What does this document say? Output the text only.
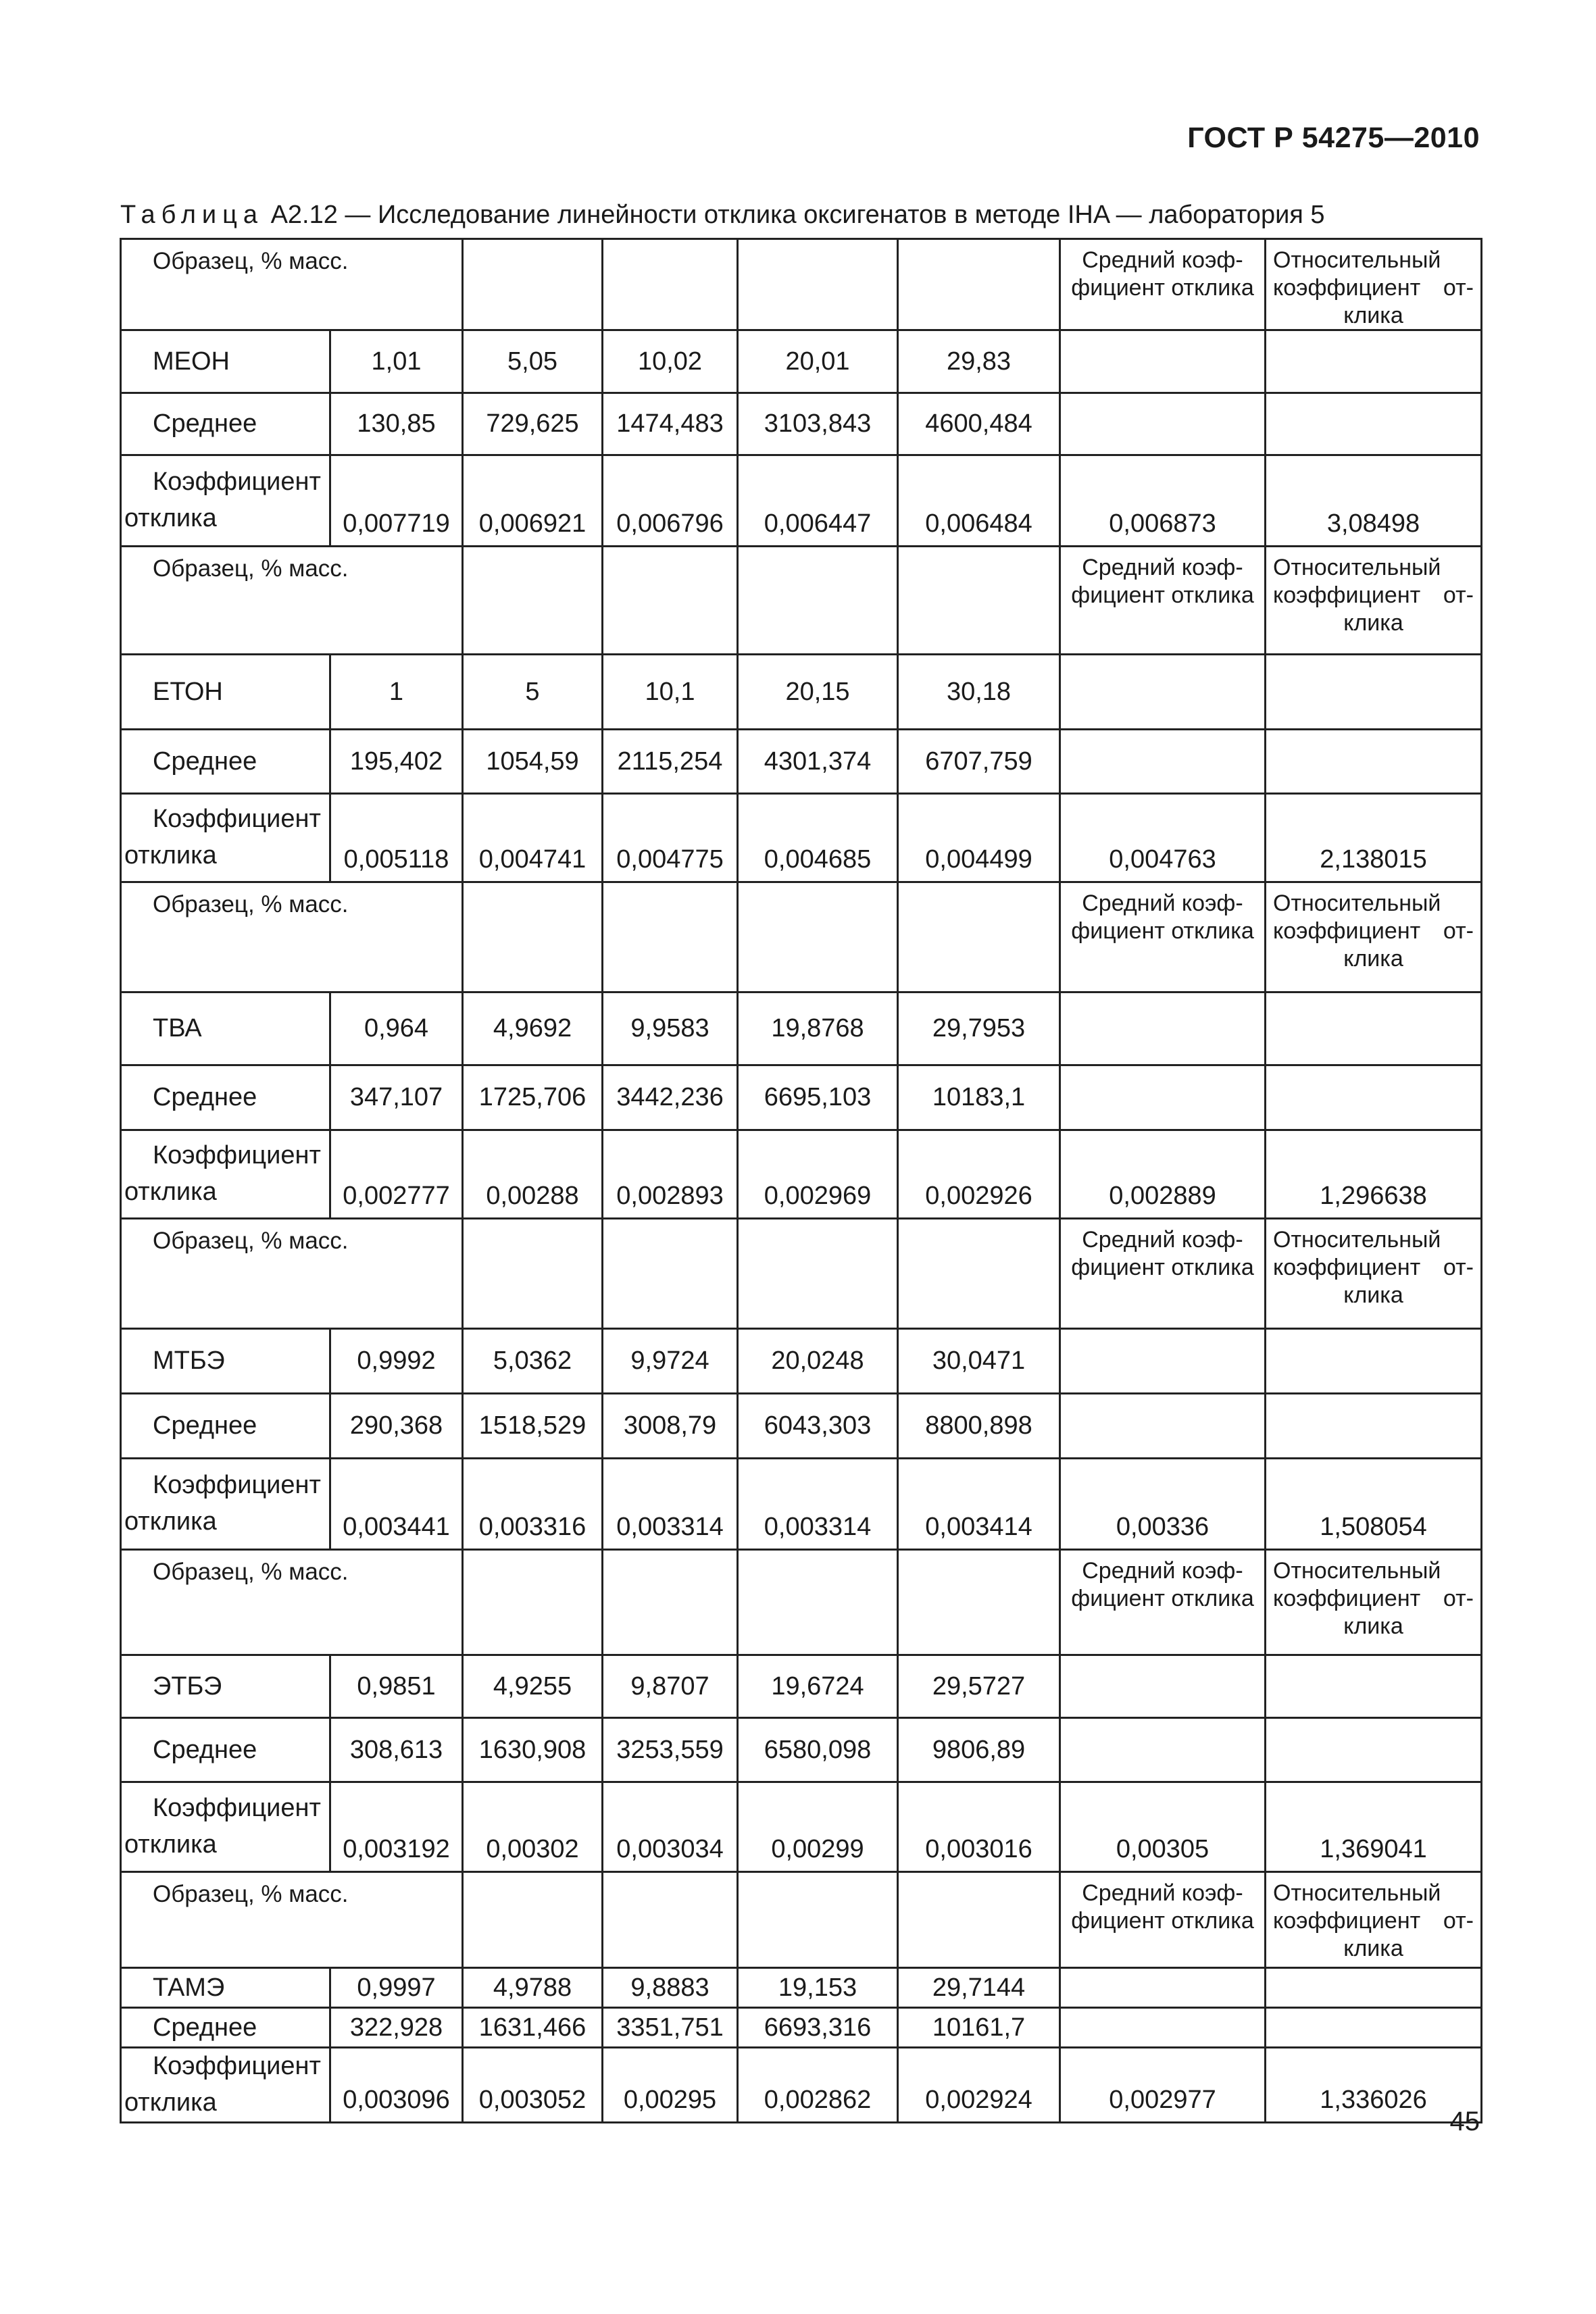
ГОСТ Р 54275—2010
Таблица А2.12 — Исследование линейности отклика оксигенатов в методе IHA — лаборатория 5
Образец, % масс.						Средний коэф-фициент отклика	Относительный коэффициент от-клика
МЕОН	1,01	5,05	10,02	20,01	29,83		
Среднее	130,85	729,625	1474,483	3103,843	4600,484		

Коэффициент
отклика	0,007719	0,006921	0,006796	0,006447	0,006484	0,006873	3,08498
Образец, % масс.						Средний коэф-фициент отклика	Относительный коэффициент от-клика
ЕТОН	1	5	10,1	20,15	30,18		
Среднее	195,402	1054,59	2115,254	4301,374	6707,759		

Коэффициент
отклика	0,005118	0,004741	0,004775	0,004685	0,004499	0,004763	2,138015
Образец, % масс.						Средний коэф-фициент отклика	Относительный коэффициент от-клика
ТВА	0,964	4,9692	9,9583	19,8768	29,7953		
Среднее	347,107	1725,706	3442,236	6695,103	10183,1		

Коэффициент
отклика	0,002777	0,00288	0,002893	0,002969	0,002926	0,002889	1,296638
Образец, % масс.						Средний коэф-фициент отклика	Относительный коэффициент от-клика
МТБЭ	0,9992	5,0362	9,9724	20,0248	30,0471		
Среднее	290,368	1518,529	3008,79	6043,303	8800,898		

Коэффициент
отклика	0,003441	0,003316	0,003314	0,003314	0,003414	0,00336	1,508054
Образец, % масс.						Средний коэф-фициент отклика	Относительный коэффициент от-клика
ЭТБЭ	0,9851	4,9255	9,8707	19,6724	29,5727		
Среднее	308,613	1630,908	3253,559	6580,098	9806,89		

Коэффициент
отклика	0,003192	0,00302	0,003034	0,00299	0,003016	0,00305	1,369041
Образец, % масс.						Средний коэф-фициент отклика	Относительный коэффициент от-клика
ТАМЭ	0,9997	4,9788	9,8883	19,153	29,7144		
Среднее	322,928	1631,466	3351,751	6693,316	10161,7		

Коэффициент
отклика	0,003096	0,003052	0,00295	0,002862	0,002924	0,002977	1,336026
45
